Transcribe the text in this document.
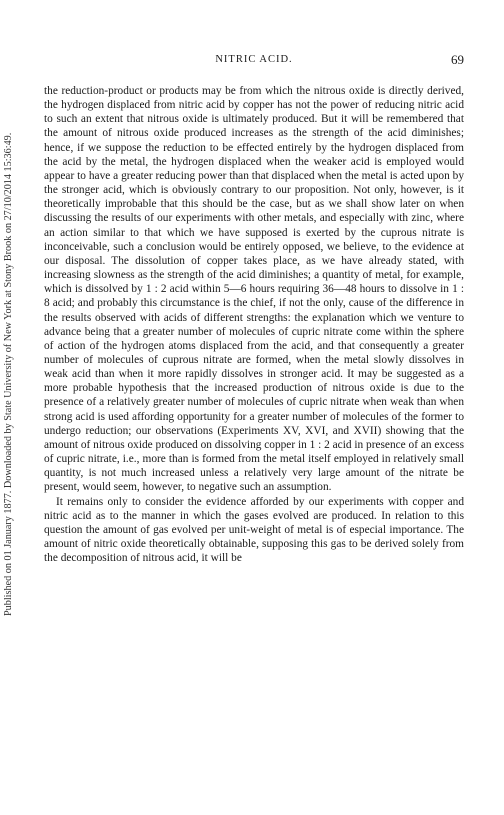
Published on 01 January 1877. Downloaded by State University of New York at Stony Brook on 27/10/2014 15:36:49.
NITRIC ACID.	69

the reduction-product or products may be from which the nitrous oxide is directly derived, the hydrogen displaced from nitric acid by copper has not the power of reducing nitric acid to such an extent that nitrous oxide is ultimately produced. But it will be remembered that the amount of nitrous oxide produced increases as the strength of the acid diminishes; hence, if we suppose the reduction to be effected entirely by the hydrogen displaced from the acid by the metal, the hydrogen displaced when the weaker acid is employed would appear to have a greater reducing power than that displaced when the metal is acted upon by the stronger acid, which is obviously contrary to our proposition. Not only, however, is it theoretically improbable that this should be the case, but as we shall show later on when discussing the results of our experiments with other metals, and especially with zinc, where an action similar to that which we have supposed is exerted by the cuprous nitrate is inconceivable, such a conclusion would be entirely opposed, we believe, to the evidence at our disposal. The dissolution of copper takes place, as we have already stated, with increasing slowness as the strength of the acid diminishes; a quantity of metal, for example, which is dissolved by 1 : 2 acid within 5—6 hours requiring 36—48 hours to dissolve in 1 : 8 acid; and probably this circumstance is the chief, if not the only, cause of the difference in the results observed with acids of different strengths: the explanation which we venture to advance being that a greater number of molecules of cupric nitrate come within the sphere of action of the hydrogen atoms displaced from the acid, and that consequently a greater number of molecules of cuprous nitrate are formed, when the metal slowly dissolves in weak acid than when it more rapidly dissolves in stronger acid. It may be suggested as a more probable hypothesis that the increased production of nitrous oxide is due to the presence of a relatively greater number of molecules of cupric nitrate when weak than when strong acid is used affording opportunity for a greater number of molecules of the former to undergo reduction; our observations (Experiments XV, XVI, and XVII) showing that the amount of nitrous oxide produced on dissolving copper in 1 : 2 acid in presence of an excess of cupric nitrate, i.e., more than is formed from the metal itself employed in relatively small quantity, is not much increased unless a relatively very large amount of the nitrate be present, would seem, however, to negative such an assumption.

It remains only to consider the evidence afforded by our experiments with copper and nitric acid as to the manner in which the gases evolved are produced. In relation to this question the amount of gas evolved per unit-weight of metal is of especial importance. The amount of nitric oxide theoretically obtainable, supposing this gas to be derived solely from the decomposition of nitrous acid, it will be
